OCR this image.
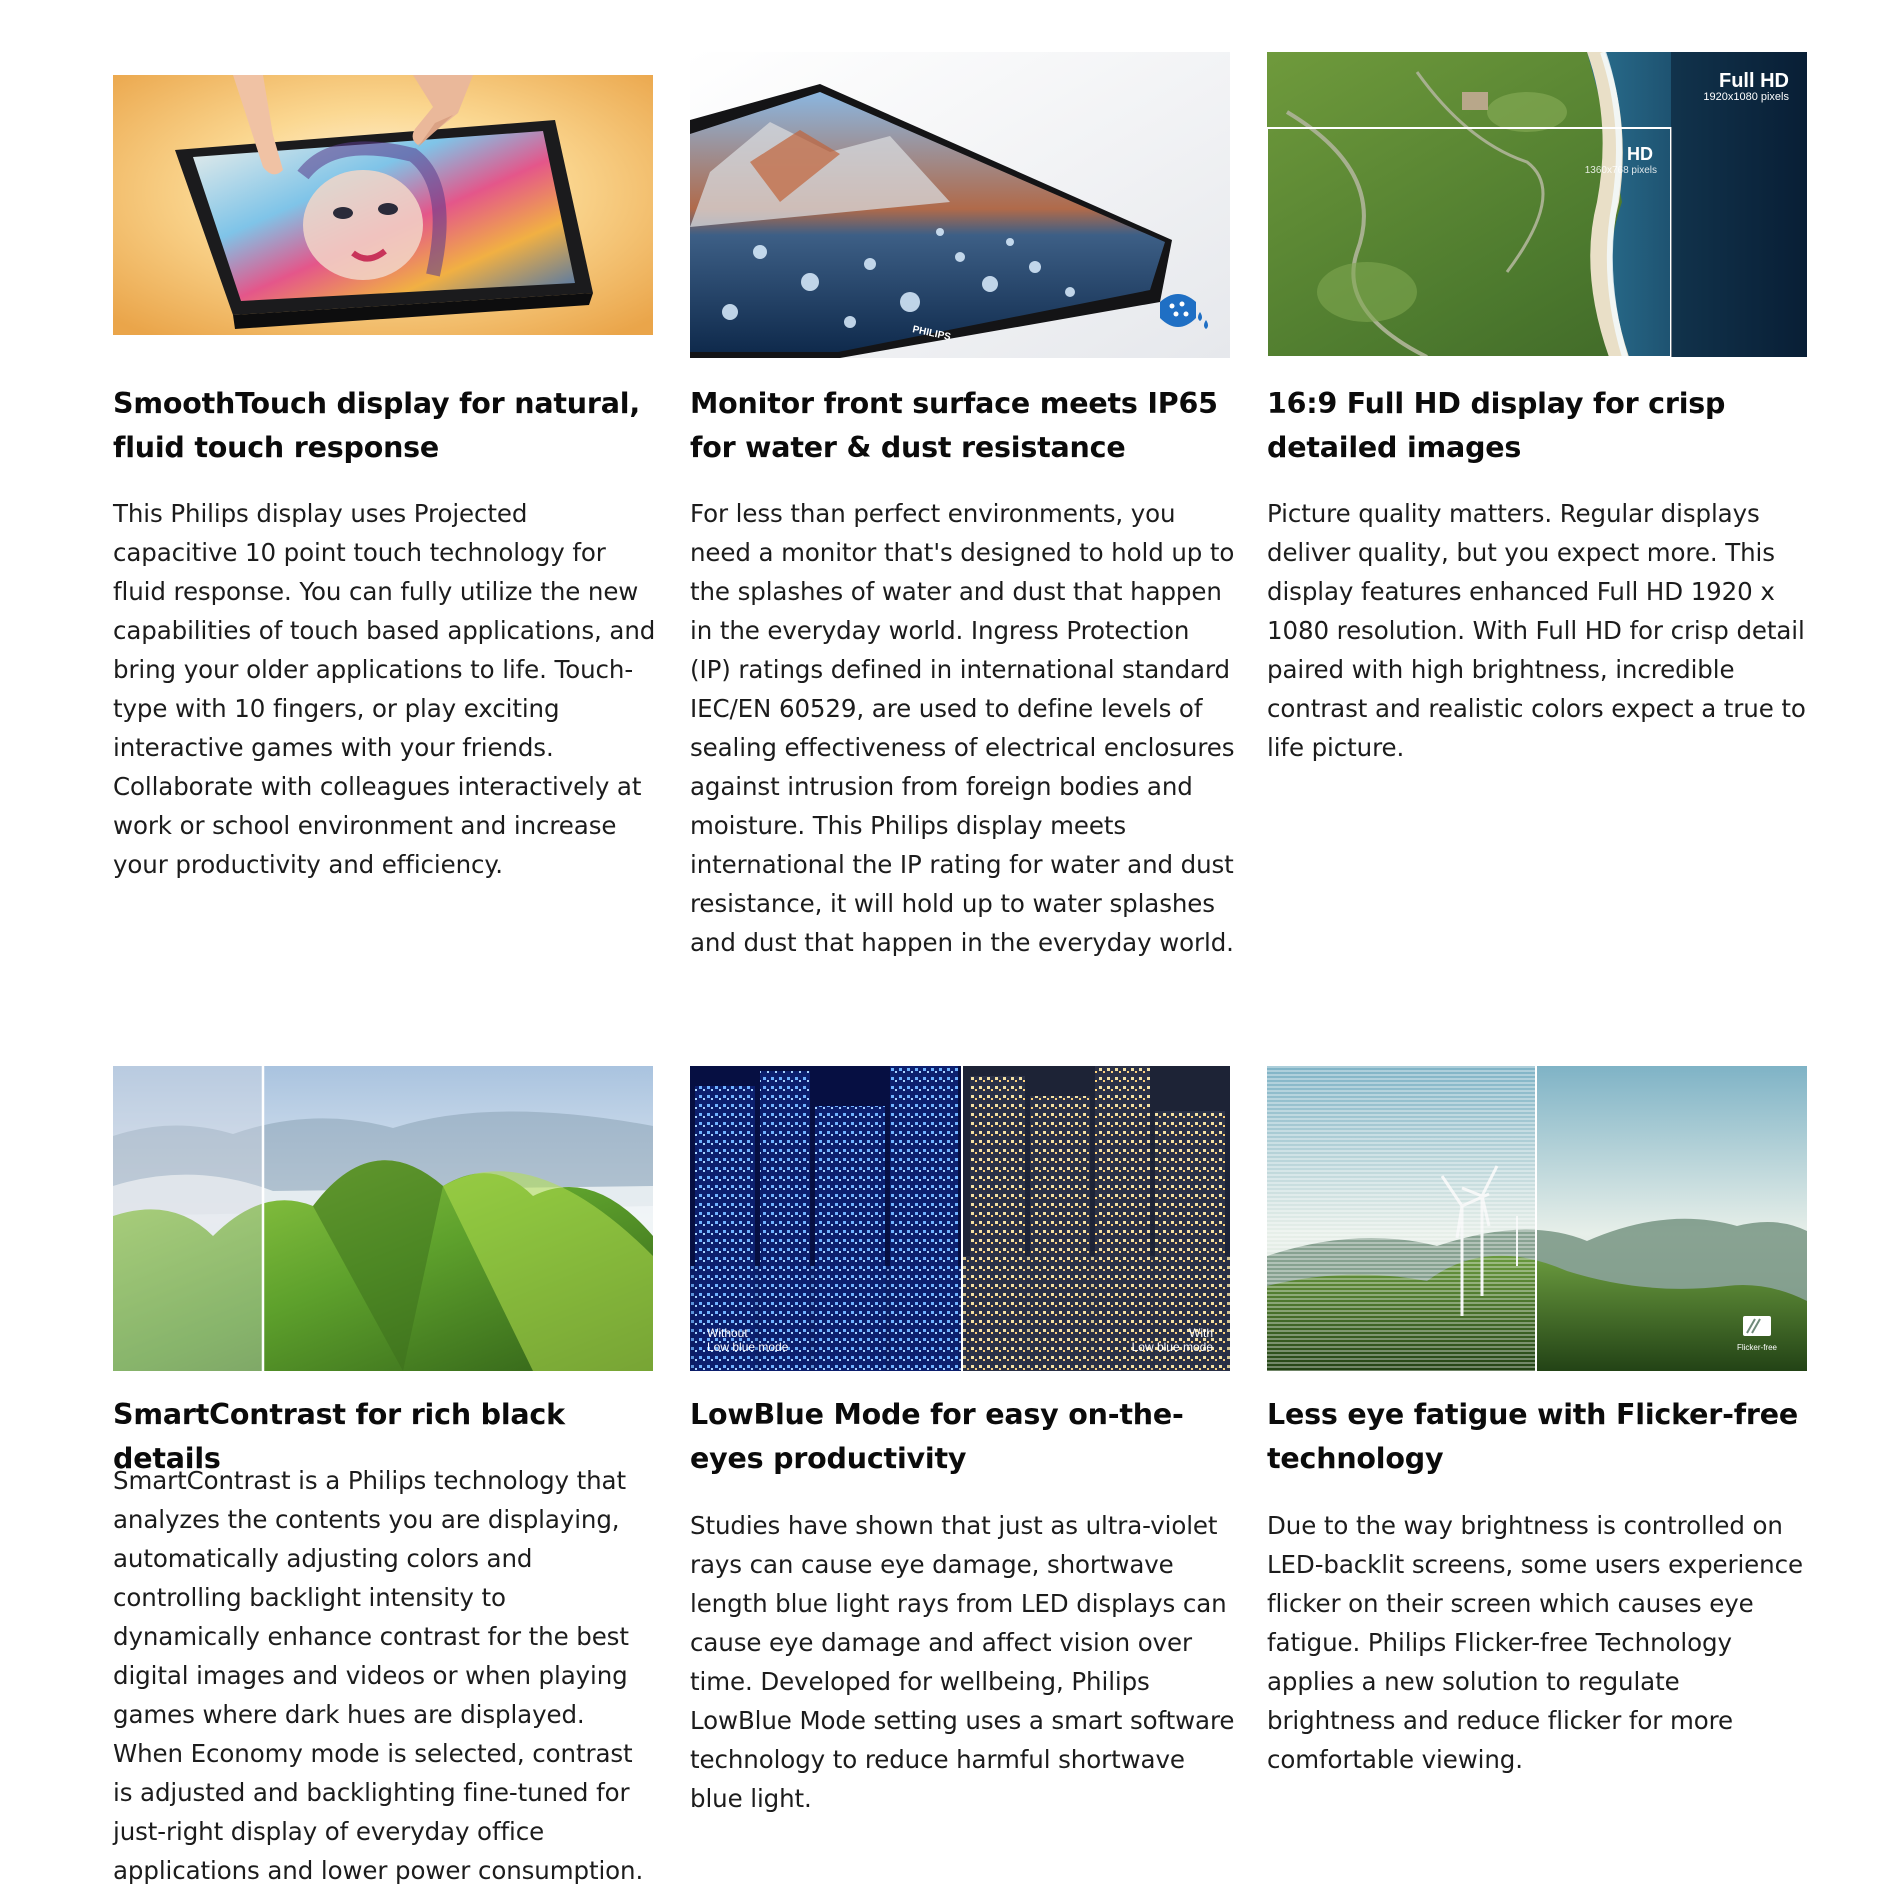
SmoothTouch display for natural, fluid touch response

This Philips display uses Projected capacitive 10 point touch technology for fluid response. You can fully utilize the new capabilities of touch based applications, and bring your older applications to life. Touch-type with 10 fingers, or play exciting interactive games with your friends. Collaborate with colleagues interactively at work or school environment and increase your productivity and efficiency.

PHILIPS
Monitor front surface meets IP65 for water & dust resistance

For less than perfect environments, you need a monitor that's designed to hold up to the splashes of water and dust that happen in the everyday world. Ingress Protection (IP) ratings defined in international standard IEC/EN 60529, are used to define levels of sealing effectiveness of electrical enclosures against intrusion from foreign bodies and moisture. This Philips display meets international the IP rating for water and dust resistance, it will hold up to water splashes and dust that happen in the everyday world.

Full HD
1920x1080 pixels
HD
1360x768 pixels
16:9 Full HD display for crisp detailed images

Picture quality matters. Regular displays deliver quality, but you expect more. This display features enhanced Full HD 1920 x 1080 resolution. With Full HD for crisp detail paired with high brightness, incredible contrast and realistic colors expect a true to life picture.

SmartContrast for rich black details

SmartContrast is a Philips technology that analyzes the contents you are displaying, automatically adjusting colors and controlling backlight intensity to dynamically enhance contrast for the best digital images and videos or when playing games where dark hues are displayed. When Economy mode is selected, contrast is adjusted and backlighting fine-tuned for just-right display of everyday office applications and lower power consumption.

Without
Low blue mode
With
Low blue mode
LowBlue Mode for easy on-the-eyes productivity

Studies have shown that just as ultra-violet rays can cause eye damage, shortwave length blue light rays from LED displays can cause eye damage and affect vision over time. Developed for wellbeing, Philips LowBlue Mode setting uses a smart software technology to reduce harmful shortwave blue light.

Flicker-free
Less eye fatigue with Flicker-free technology

Due to the way brightness is controlled on LED-backlit screens, some users experience flicker on their screen which causes eye fatigue. Philips Flicker-free Technology applies a new solution to regulate brightness and reduce flicker for more comfortable viewing.
